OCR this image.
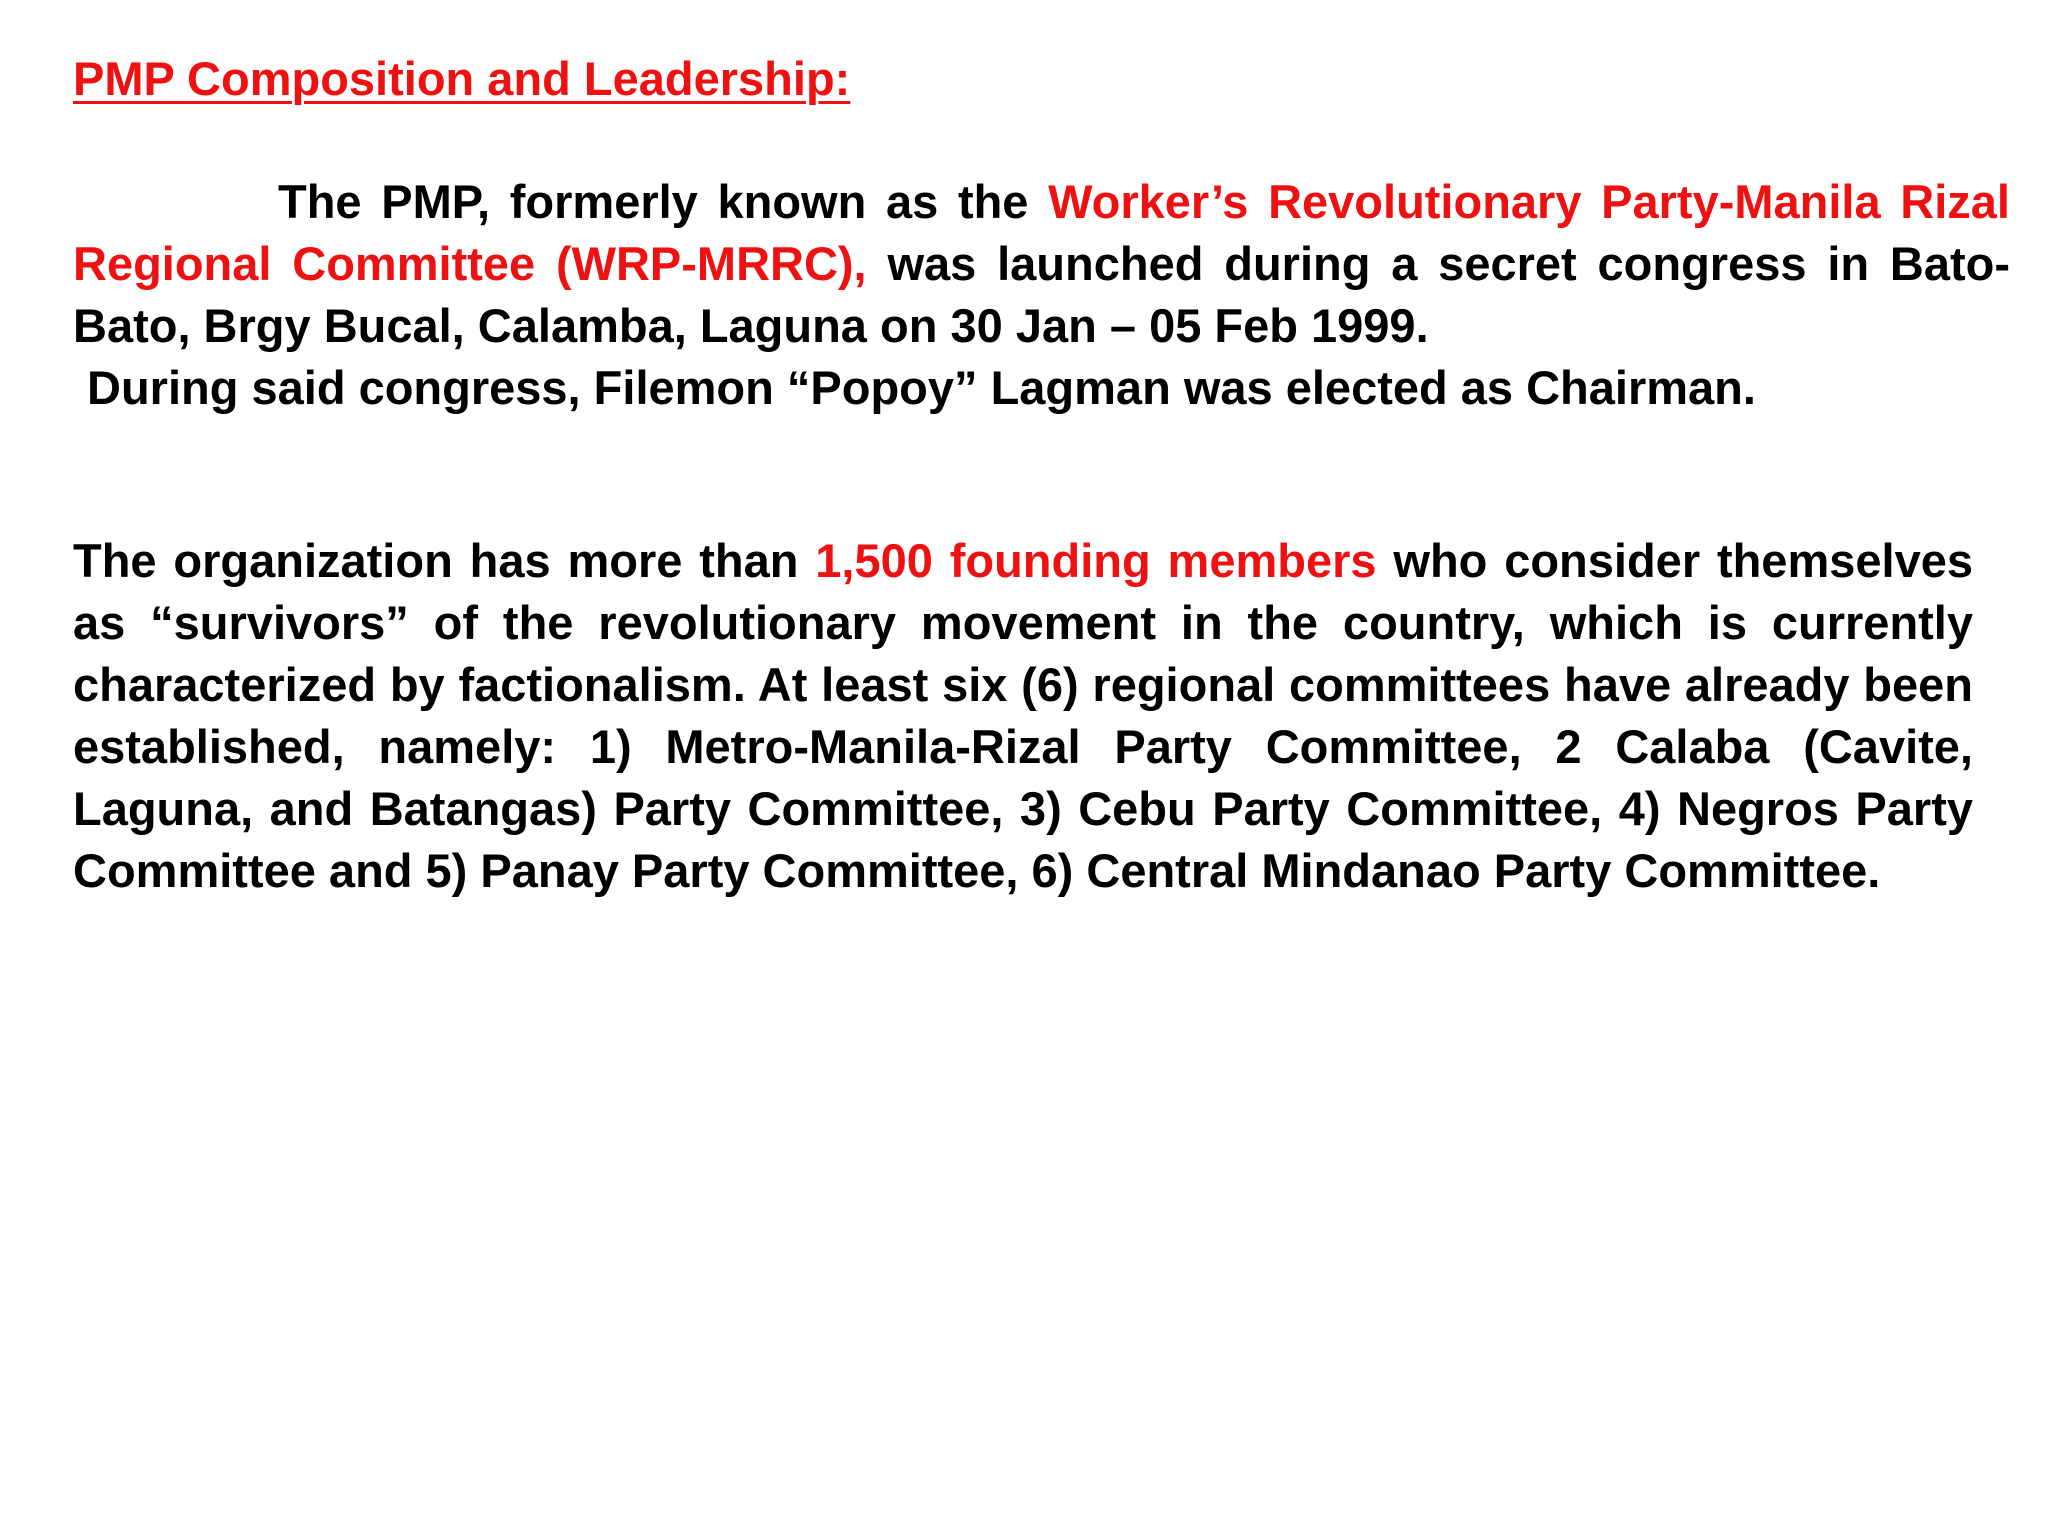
PMP Composition and Leadership:

The PMP, formerly known as the Worker’s Revolutionary Party-Manila Rizal Regional Committee (WRP-MRRC), was launched during a secret congress in Bato-Bato, Brgy Bucal, Calamba, Laguna on 30 Jan – 05 Feb 1999.
During said congress, Filemon “Popoy” Lagman was elected as Chairman.

The organization has more than 1,500 founding members who consider themselves as “survivors” of the revolutionary movement in the country, which is currently characterized by factionalism. At least six (6) regional committees have already been established, namely: 1) Metro-Manila-Rizal Party Committee, 2 Calaba (Cavite, Laguna, and Batangas) Party Committee, 3) Cebu Party Committee, 4) Negros Party Committee and 5) Panay Party Committee, 6) Central Mindanao Party Committee.
